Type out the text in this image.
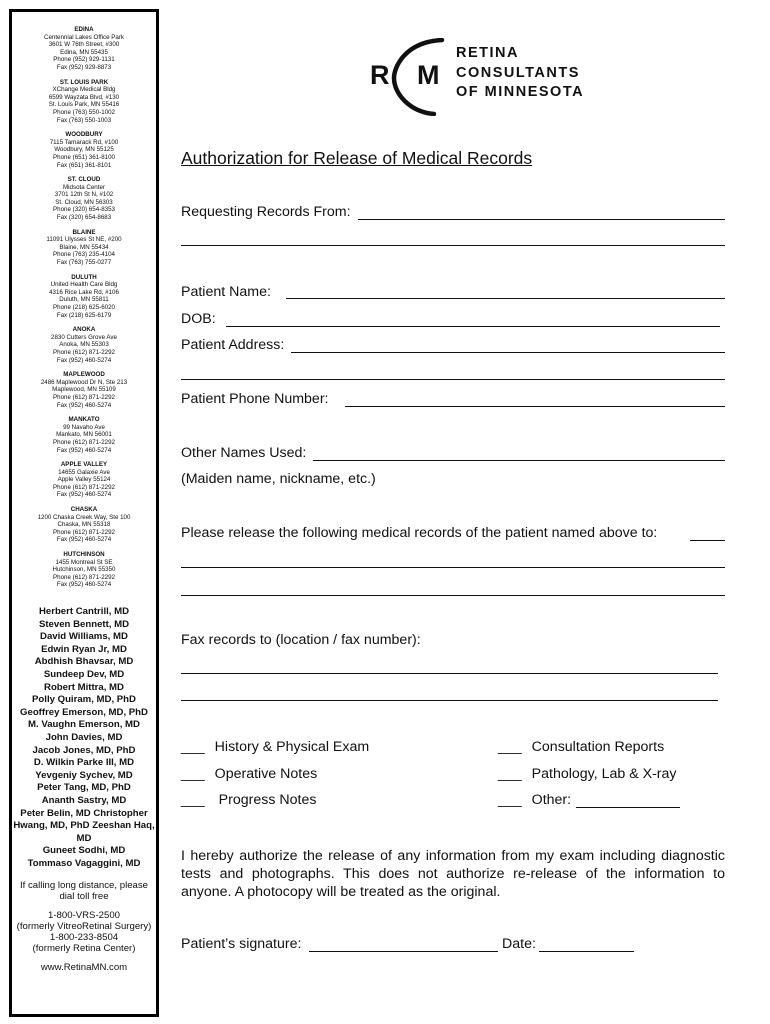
EDINA
Centennial Lakes Office Park
3601 W 76th Street, #300
Edina, MN 55435
Phone (952) 929-1131
Fax (952) 929-8873
ST. LOUIS PARK
XChange Medical Bldg
6599 Wayzata Blvd, #130
St. Louis Park, MN 55416
Phone (763) 550-1002
Fax (763) 550-1003
WOODBURY
7115 Tamarack Rd, #100
Woodbury, MN 55125
Phone (651) 361-8100
Fax (651) 361-8101
ST. CLOUD
Midsota Center
3701 12th St N, #102
St. Cloud, MN 56303
Phone (320) 654-8353
Fax (320) 654-8683
BLAINE
11091 Ulysses St NE, #200
Blaine, MN 55434
Phone (763) 235-4104
Fax (763) 755-0277
DULUTH
United Health Care Bldg
4316 Rice Lake Rd, #106
Duluth, MN 55811
Phone (218) 625-6020
Fax (218) 625-6179
ANOKA
2830 Cutters Grove Ave
Anoka, MN 55303
Phone (612) 871-2292
Fax (952) 460-5274
MAPLEWOOD
2486 Maplewood Dr N, Ste 213
Maplewood, MN 55109
Phone (612) 871-2292
Fax (952) 460-5274
MANKATO
99 Navaho Ave
Mankato, MN 56001
Phone (612) 871-2292
Fax (952) 460-5274
APPLE VALLEY
14655 Galaxie Ave
Apple Valley 55124
Phone (612) 871-2292
Fax (952) 460-5274
CHASKA
1200 Chaska Creek Way, Ste 100
Chaska, MN 55318
Phone (612) 871-2292
Fax (952) 460-5274
HUTCHINSON
1455 Montreal St SE
Hutchinson, MN 55350
Phone (612) 871-2292
Fax (952) 460-5274
Herbert Cantrill, MD
Steven Bennett, MD
David Williams, MD
Edwin Ryan Jr, MD
Abdhish Bhavsar, MD
Sundeep Dev, MD
Robert Mittra, MD
Polly Quiram, MD, PhD
Geoffrey Emerson, MD, PhD
M. Vaughn Emerson, MD
John Davies, MD
Jacob Jones, MD, PhD
D. Wilkin Parke III, MD
Yevgeniy Sychev, MD
Peter Tang, MD, PhD
Ananth Sastry, MD
Peter Belin, MD Christopher Hwang, MD, PhD Zeeshan Haq, MD
Guneet Sodhi, MD
Tommaso Vagaggini, MD
If calling long distance, please dial toll free
1-800-VRS-2500
(formerly VitreoRetinal Surgery)
1-800-233-8504
(formerly Retina Center)
www.RetinaMN.com
R M
RETINA
CONSULTANTS
OF MINNESOTA
Authorization for Release of Medical Records
Requesting Records From:
Patient Name:
DOB:
Patient Address:
Patient Phone Number:
Other Names Used:
(Maiden name, nickname, etc.)
Please release the following medical records of the patient named above to:
Fax records to (location / fax number):
___ History & Physical Exam
___ Operative Notes
___ Progress Notes
___ Consultation Reports
___ Pathology, Lab & X-ray
___ Other:
I hereby authorize the release of any information from my exam including diagnostic tests and photographs. This does not authorize re-release of the information to anyone. A photocopy will be treated as the original.
Patient’s signature:	Date:
